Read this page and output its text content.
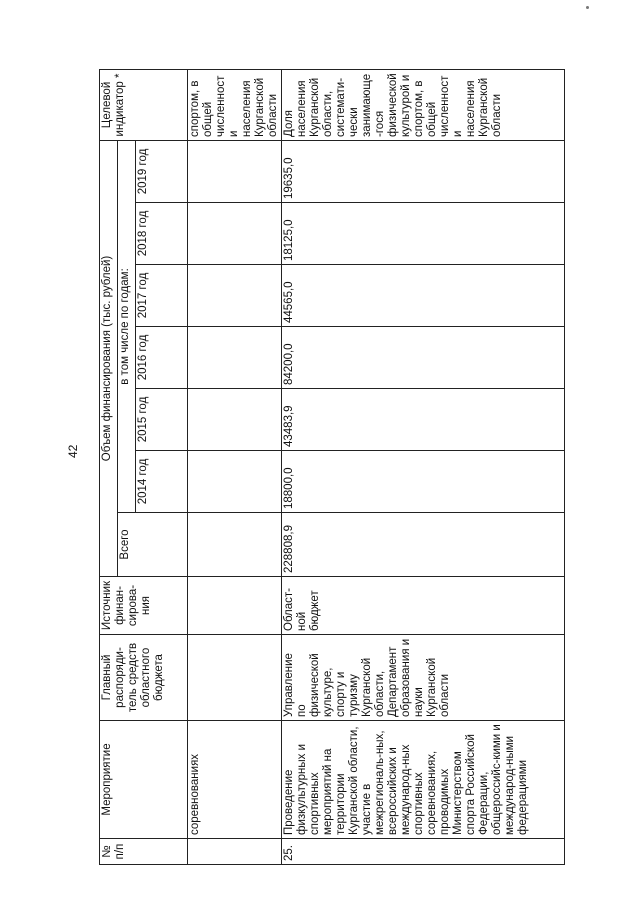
42
№
п/п	Мероприятие	Главный распоряди-тель средств областного бюджета	Источник финан-сирова-ния	Объем финансирования (тыс. рублей)							Целевой индикатор *
				Всего	в том числе по годам:						
					2014 год	2015 год	2016 год	2017 год	2018 год	2019 год	
	соревнованиях										спортом, в общей численности населения Курганской области
25.	Проведение физкультурных и спортивных мероприятий на территории Курганской области, участие в межрегиональ-ных, всероссийских и международ-ных спортивных соревнованиях, проводимых Министерством спорта Российской Федерации, общероссийс-кими и международ-ными федерациями	Управление по физической культуре, спорту и туризму Курганской области, Департамент образования и науки Курганской области	Област-ной бюджет	228808,9	18800,0	43483,9	84200,0	44565,0	18125,0	19635,0	Доля населения Курганской области, системати-чески занимающе-гося физической культурой и спортом, в общей численности населения Курганской области
